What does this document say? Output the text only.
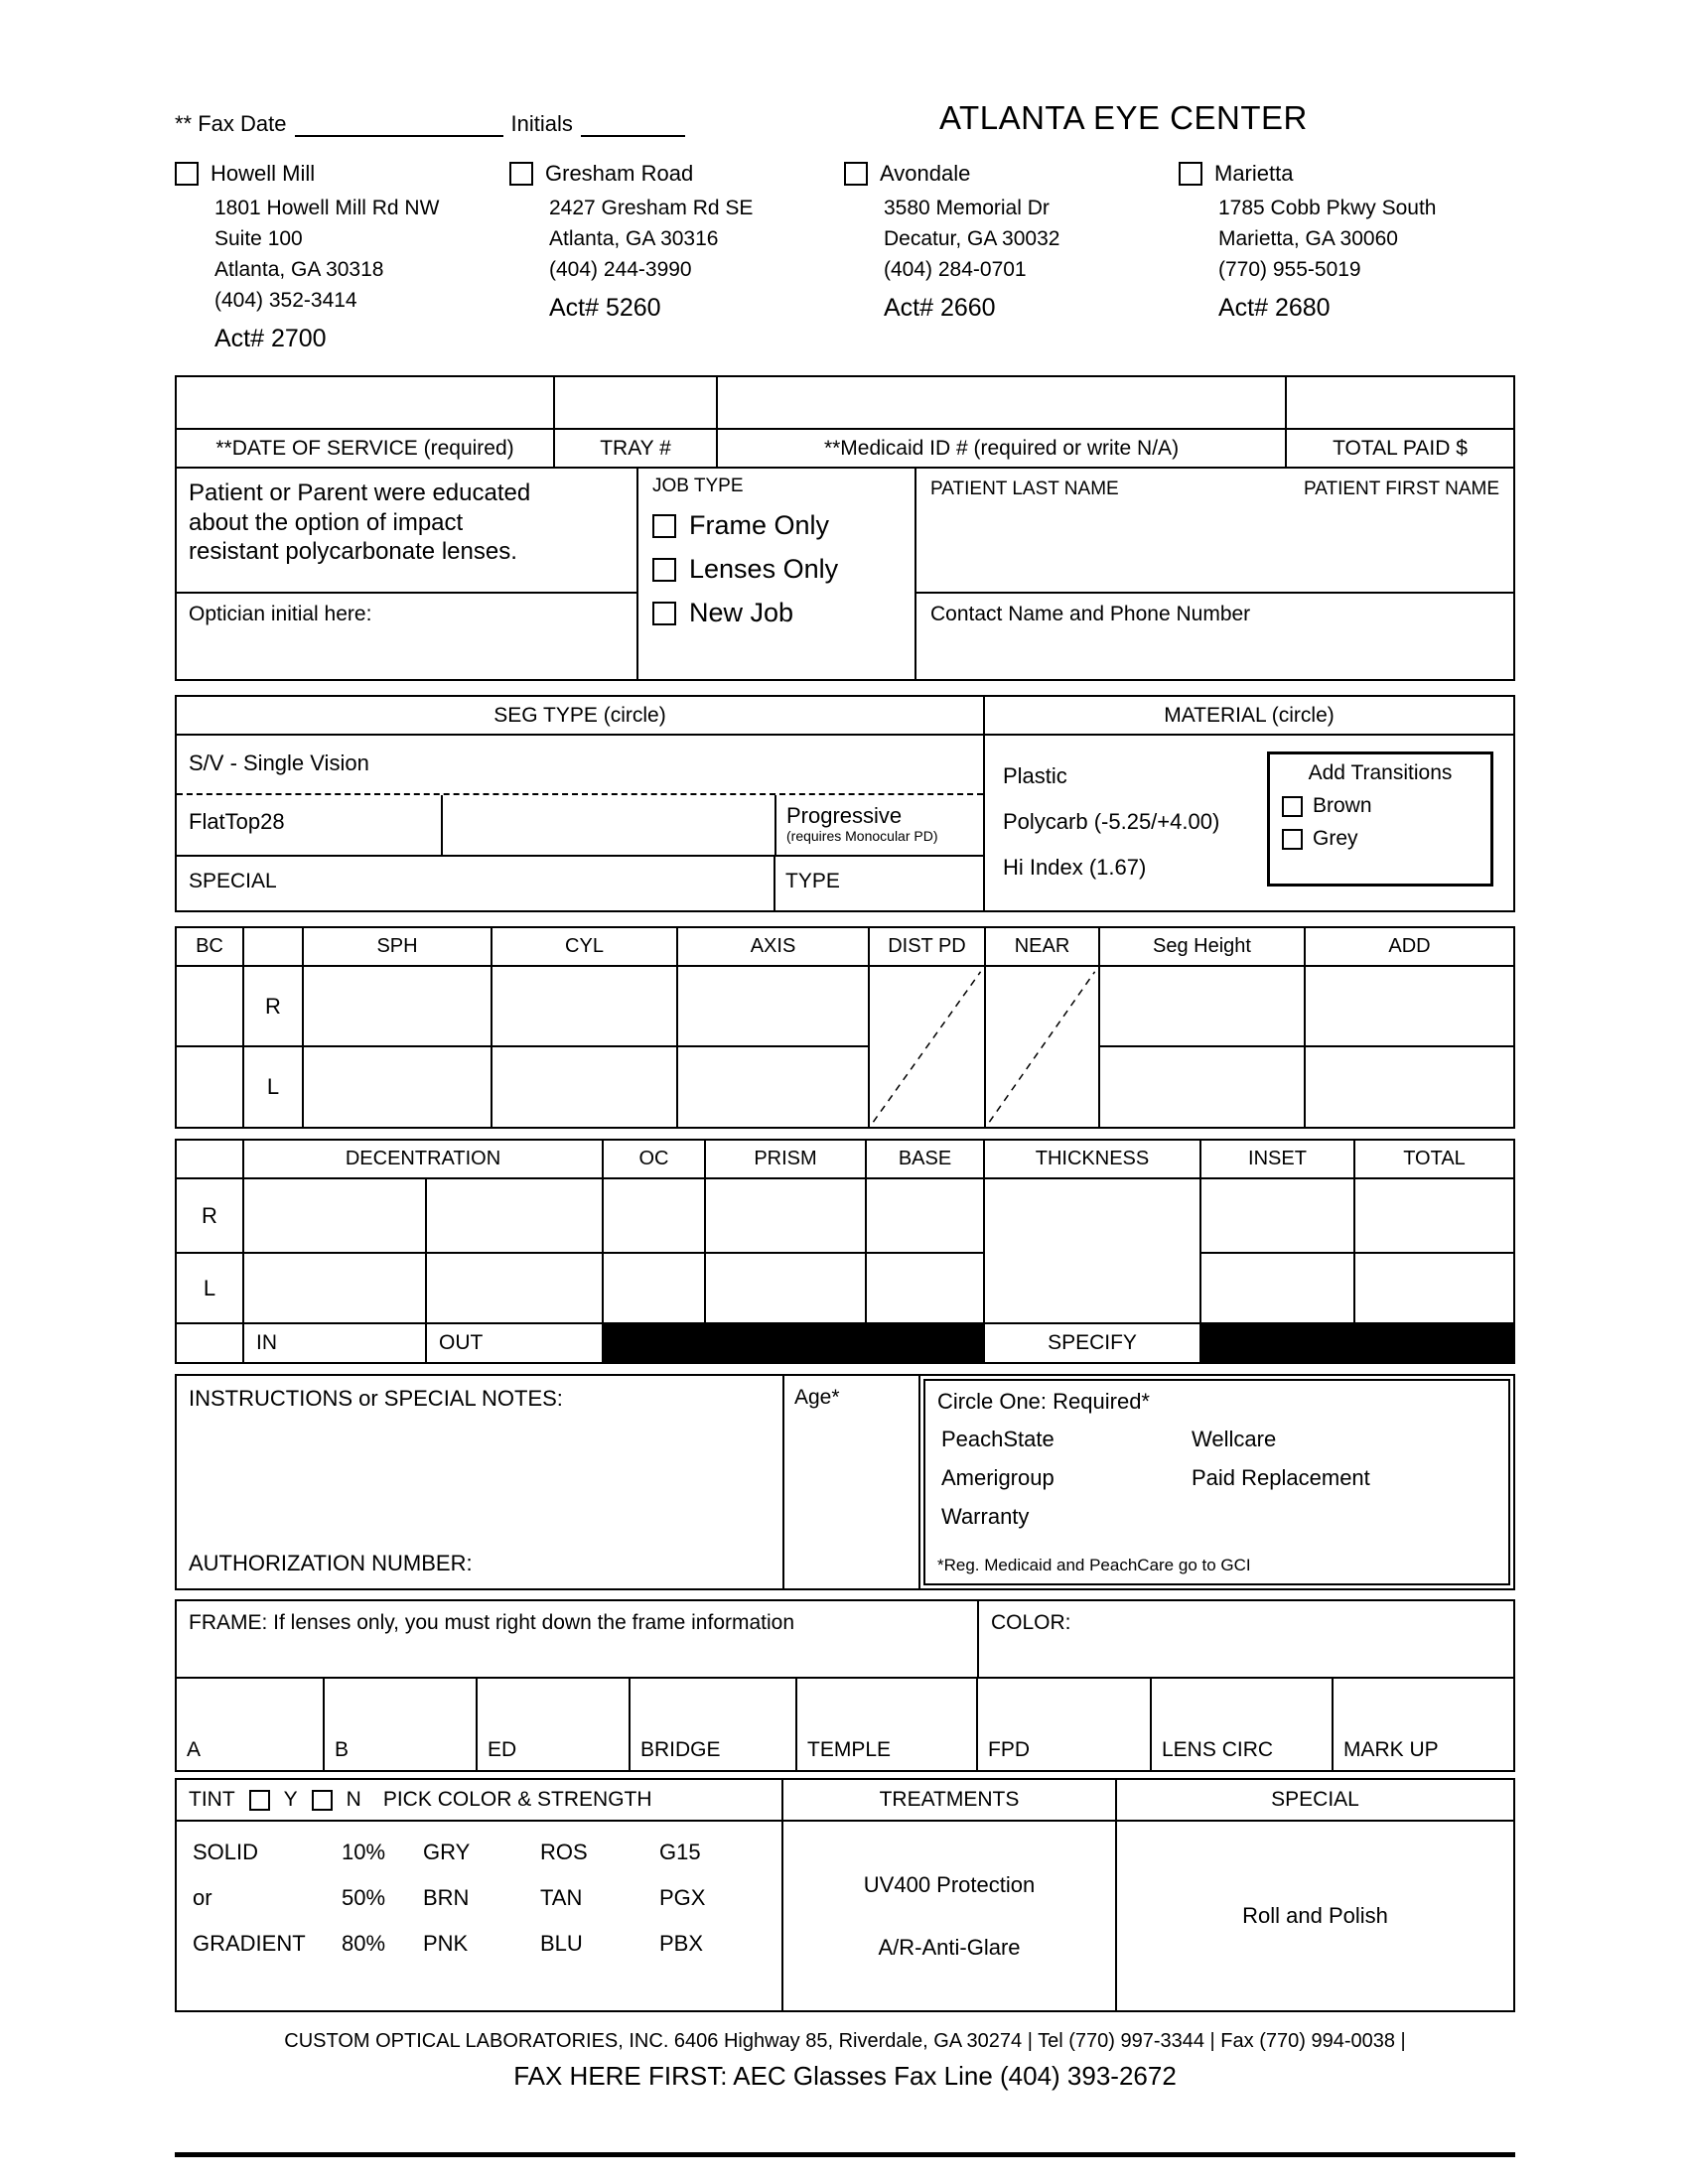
** Fax Date	Initials	ATLANTA EYE CENTER
Howell Mill
1801 Howell Mill Rd NW
Suite 100
Atlanta, GA 30318
(404) 352-3414
Act# 2700
Gresham Road
2427 Gresham Rd SE
Atlanta, GA 30316
(404) 244-3990
Act# 5260
Avondale
3580 Memorial Dr
Decatur, GA 30032
(404) 284-0701
Act# 2660
Marietta
1785 Cobb Pkwy South
Marietta, GA 30060
(770) 955-5019
Act# 2680
**DATE OF SERVICE (required)	TRAY #	**Medicaid ID # (required or write N/A)	TOTAL PAID $
Patient or Parent were educated
about the option of impact
resistant polycarbonate lenses.
Optician initial here:
JOB TYPE
Frame Only
Lenses Only
New Job
PATIENT LAST NAME	PATIENT FIRST NAME
Contact Name and Phone Number
SEG TYPE (circle)	MATERIAL (circle)
S/V - Single Vision
FlatTop28	Progressive
(requires Monocular PD)
SPECIAL	TYPE
Plastic
Polycarb (-5.25/+4.00)
Hi Index (1.67)
Add Transitions
Brown
Grey
BC	SPH	CYL	AXIS	DIST PD	NEAR	Seg Height	ADD
R
L
DECENTRATION	OC	PRISM	BASE	THICKNESS	INSET	TOTAL
R
L
IN	OUT	SPECIFY
INSTRUCTIONS or SPECIAL NOTES:
AUTHORIZATION NUMBER:
Age*	Circle One: Required*
PeachState
Amerigroup
Warranty
Wellcare
Paid Replacement
*Reg. Medicaid and PeachCare go to GCI
FRAME: If lenses only, you must right down the frame information	COLOR:
A	B	ED	BRIDGE	TEMPLE	FPD	LENS CIRC	MARK UP
TINT Y N PICK COLOR & STRENGTH	TREATMENTS	SPECIAL
SOLID	10%	GRY	ROS	G15
or	50%	BRN	TAN	PGX
GRADIENT	80%	PNK	BLU	PBX
UV400 Protection
A/R-Anti-Glare
Roll and Polish
CUSTOM OPTICAL LABORATORIES, INC. 6406 Highway 85, Riverdale, GA 30274 | Tel (770) 997-3344 | Fax (770) 994-0038 |
FAX HERE FIRST: AEC Glasses Fax Line (404) 393-2672
